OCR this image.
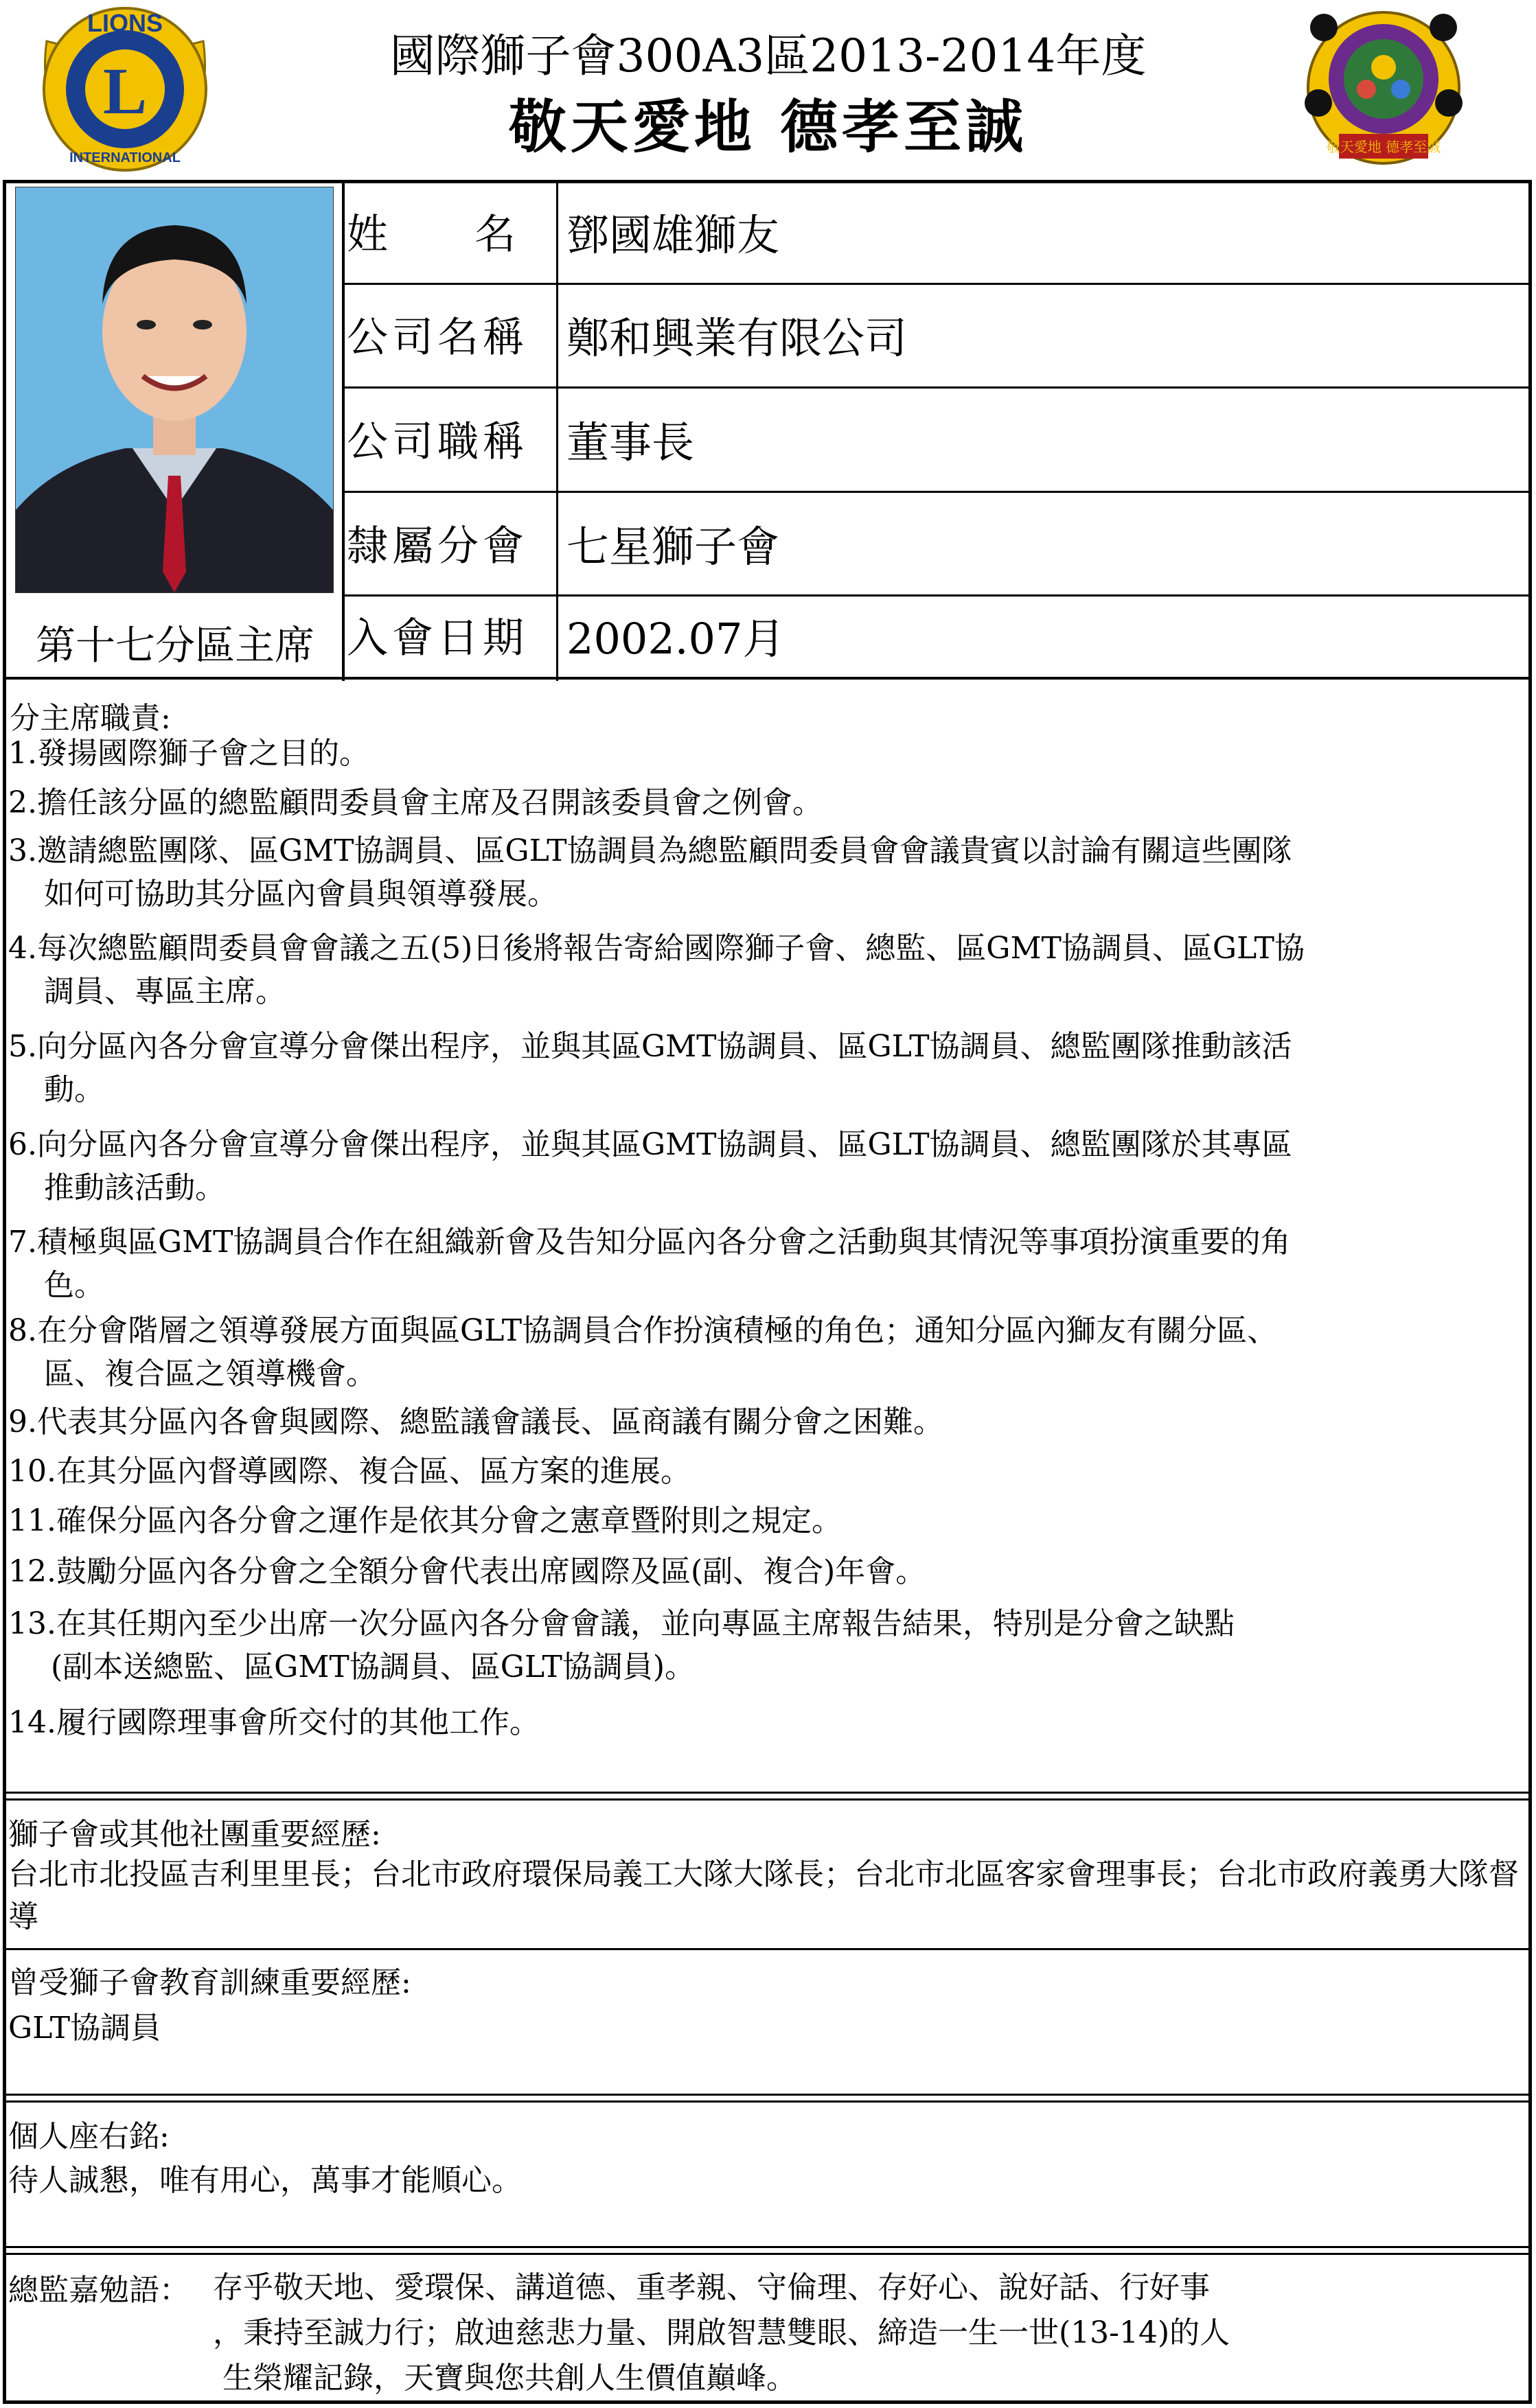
L
LIONS
INTERNATIONAL
國際獅子會300A3區2013-2014年度
敬天愛地 德孝至誠	敬天愛地 德孝至誠
第十七分區主席
姓　　名	鄧國雄獅友
公司名稱 鄭和興業有限公司
公司職稱 董事長
隸屬分會 七星獅子會
入會日期 2002.07月
分主席職責:
1.發揚國際獅子會之目的。
2.擔任該分區的總監顧問委員會主席及召開該委員會之例會。
3.邀請總監團隊、區GMT協調員、區GLT協調員為總監顧問委員會會議貴賓以討論有關這些團隊
如何可協助其分區內會員與領導發展。
4.每次總監顧問委員會會議之五(5)日後將報告寄給國際獅子會、總監、區GMT協調員、區GLT協
調員、專區主席。
5.向分區內各分會宣導分會傑出程序，並與其區GMT協調員、區GLT協調員、總監團隊推動該活
動。
6.向分區內各分會宣導分會傑出程序，並與其區GMT協調員、區GLT協調員、總監團隊於其專區
推動該活動。
7.積極與區GMT協調員合作在組織新會及告知分區內各分會之活動與其情況等事項扮演重要的角
色。
8.在分會階層之領導發展方面與區GLT協調員合作扮演積極的角色；通知分區內獅友有關分區、
區、複合區之領導機會。
9.代表其分區內各會與國際、總監議會議長、區商議有關分會之困難。
10.在其分區內督導國際、複合區、區方案的進展。
11.確保分區內各分會之運作是依其分會之憲章暨附則之規定。
12.鼓勵分區內各分會之全額分會代表出席國際及區(副、複合)年會。
13.在其任期內至少出席一次分區內各分會會議，並向專區主席報告結果，特別是分會之缺點
(副本送總監、區GMT協調員、區GLT協調員)。
14.履行國際理事會所交付的其他工作。
獅子會或其他社團重要經歷:
台北市北投區吉利里里長；台北市政府環保局義工大隊大隊長；台北市北區客家會理事長；台北市政府義勇大隊督導
曾受獅子會教育訓練重要經歷:
GLT協調員
個人座右銘:
待人誠懇，唯有用心，萬事才能順心。
總監嘉勉語： 存乎敬天地、愛環保、講道德、重孝親、守倫理、存好心、說好話、行好事
，秉持至誠力行；啟迪慈悲力量、開啟智慧雙眼、締造一生一世(13-14)的人
生榮耀記錄，天寶與您共創人生價值巔峰。
